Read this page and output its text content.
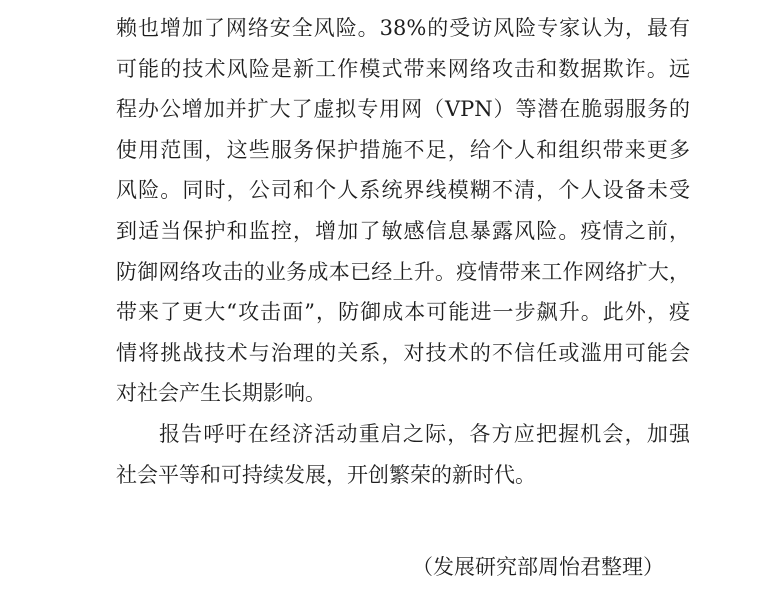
赖也增加了网络安全风险。38%的受访风险专家认为，最有
可能的技术风险是新工作模式带来网络攻击和数据欺诈。远
程办公增加并扩大了虚拟专用网（VPN）等潜在脆弱服务的
使用范围，这些服务保护措施不足，给个人和组织带来更多
风险。同时，公司和个人系统界线模糊不清，个人设备未受
到适当保护和监控，增加了敏感信息暴露风险。疫情之前，
防御网络攻击的业务成本已经上升。疫情带来工作网络扩大，
带来了更大“攻击面”，防御成本可能进一步飙升。此外，疫
情将挑战技术与治理的关系，对技术的不信任或滥用可能会
对社会产生长期影响。
报告呼吁在经济活动重启之际，各方应把握机会，加强
社会平等和可持续发展，开创繁荣的新时代。
（发展研究部周怡君整理）
